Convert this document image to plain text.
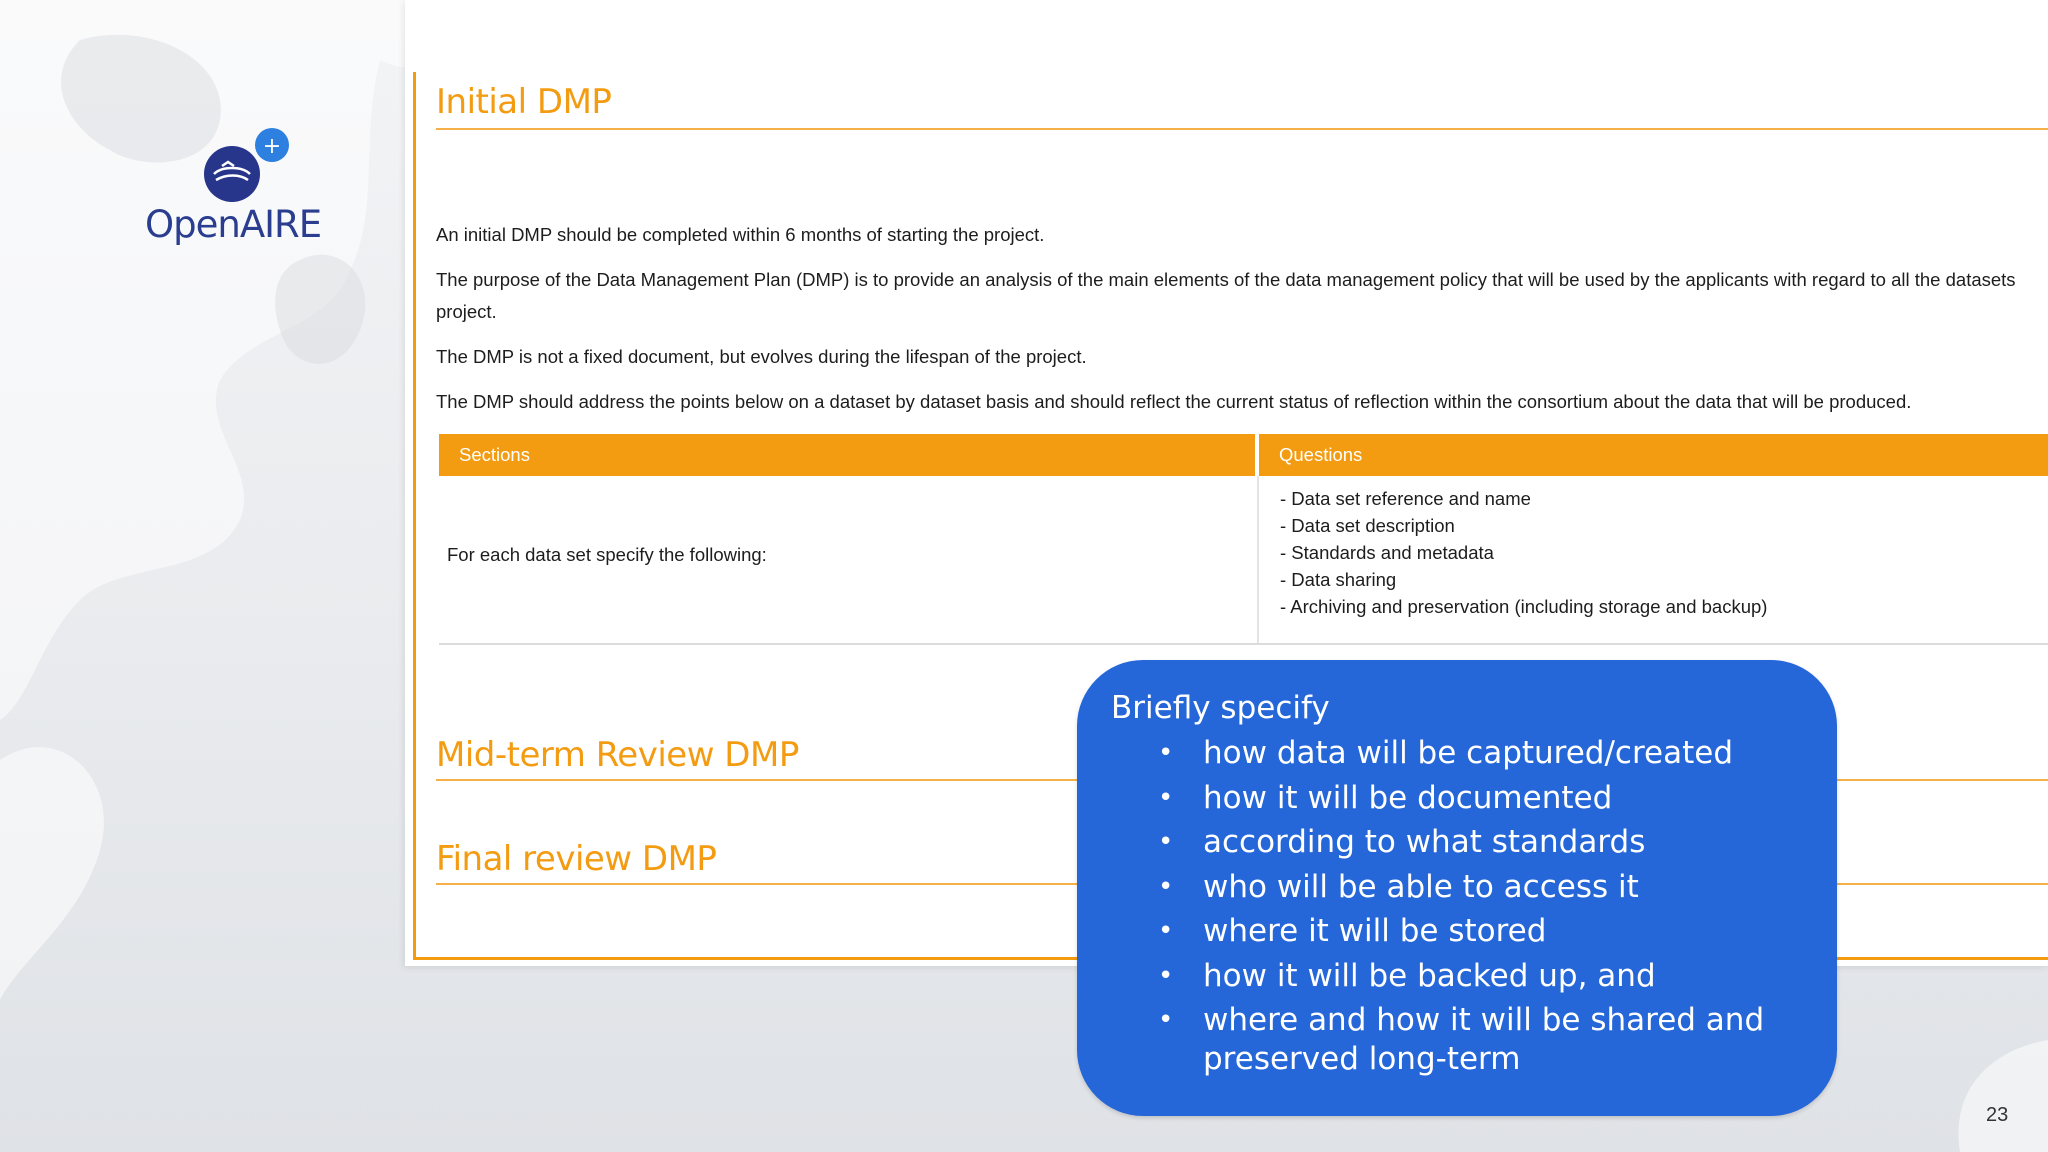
+
OpenAIRE
Initial DMP
An initial DMP should be completed within 6 months of starting the project.
The purpose of the Data Management Plan (DMP) is to provide an analysis of the main elements of the data management policy that will be used by the applicants with regard to all the datasets
project.
The DMP is not a fixed document, but evolves during the lifespan of the project.
The DMP should address the points below on a dataset by dataset basis and should reflect the current status of reflection within the consortium about the data that will be produced.
Sections	Questions
For each data set specify the following:
- Data set reference and name
- Data set description
- Standards and metadata
- Data sharing
- Archiving and preservation (including storage and backup)
Mid-term Review DMP
Final review DMP
Briefly specify
• how data will be captured/created
• how it will be documented
• according to what standards
• who will be able to access it
• where it will be stored
• how it will be backed up, and
• where and how it will be shared and preserved long-term
23
